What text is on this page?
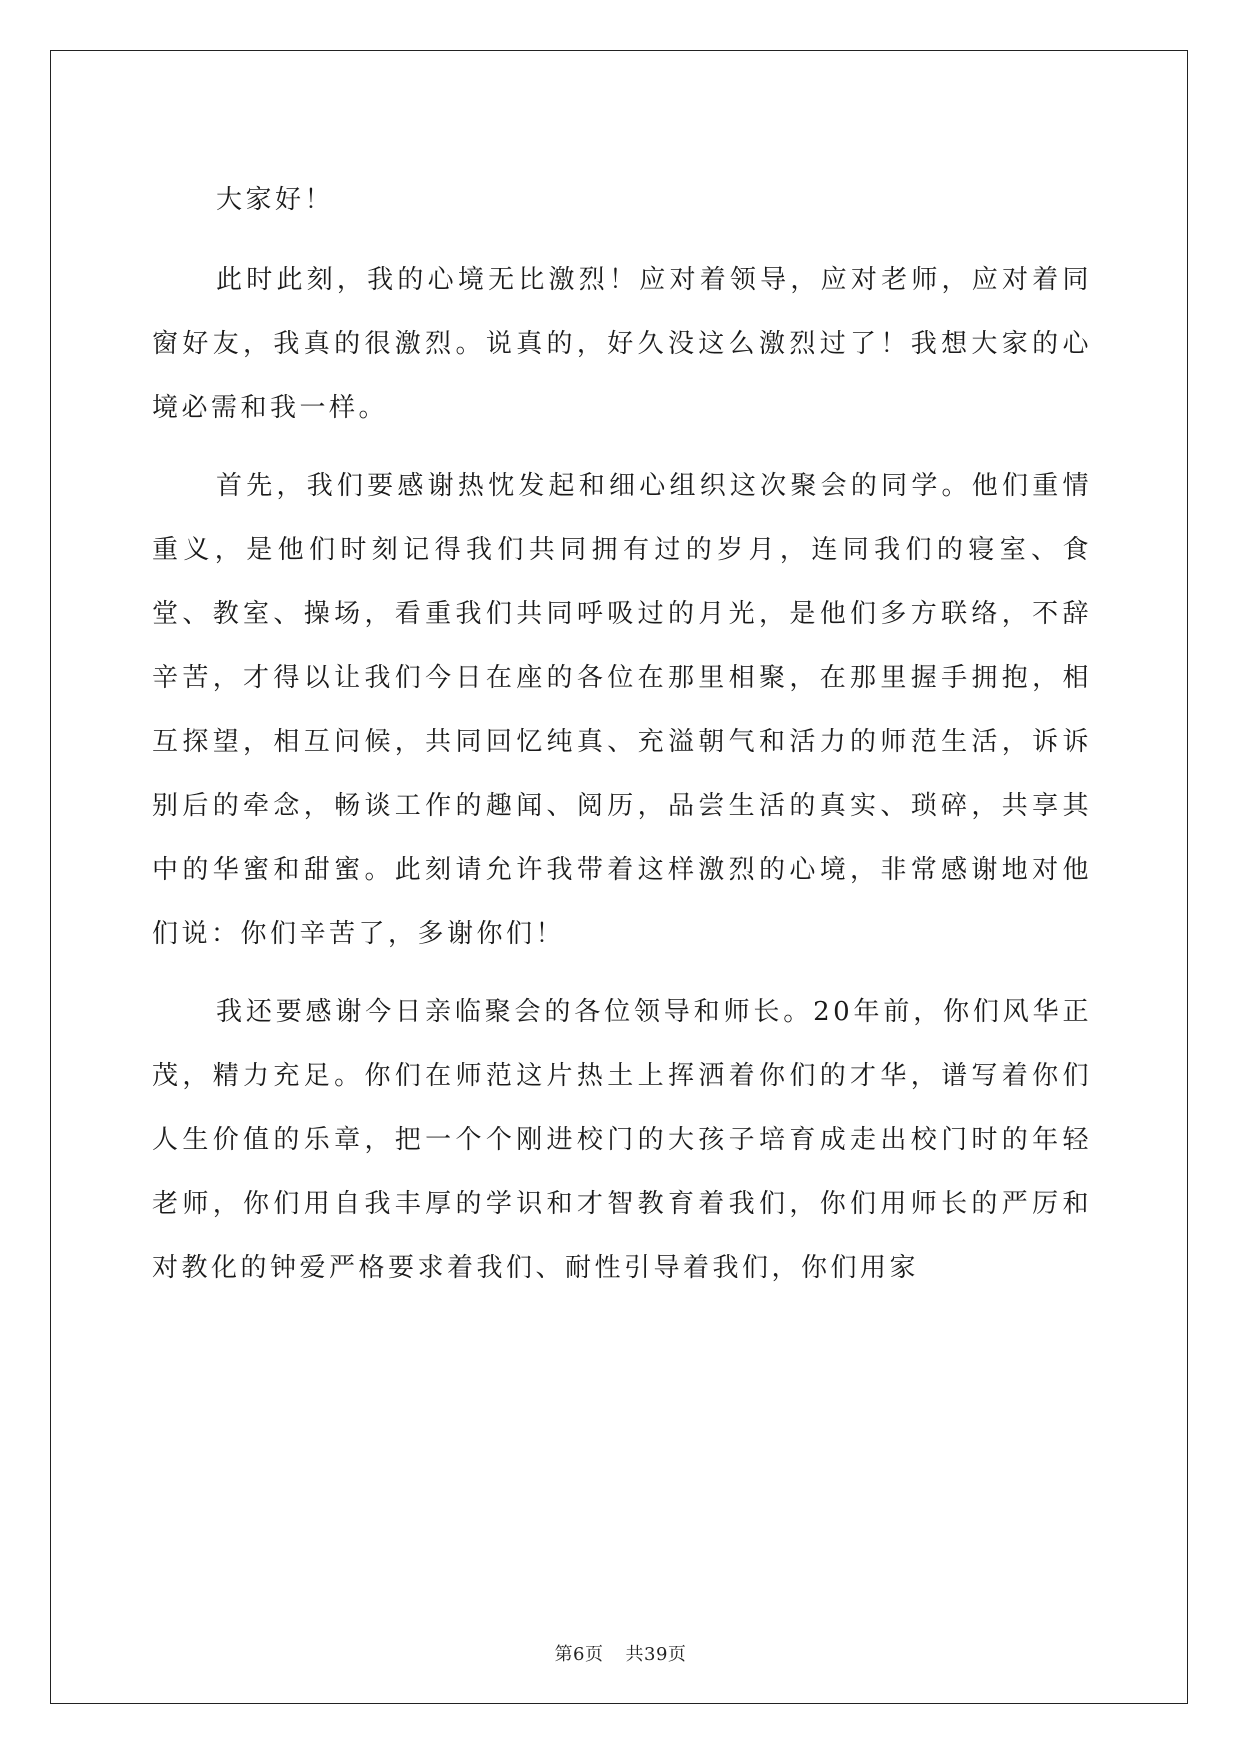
大家好！

此时此刻，我的心境无比激烈！应对着领导，应对老师，应对着同窗好友，我真的很激烈。说真的，好久没这么激烈过了！我想大家的心境必需和我一样。

首先，我们要感谢热忱发起和细心组织这次聚会的同学。他们重情重义，是他们时刻记得我们共同拥有过的岁月，连同我们的寝室、食堂、教室、操场，看重我们共同呼吸过的月光，是他们多方联络，不辞辛苦，才得以让我们今日在座的各位在那里相聚，在那里握手拥抱，相互探望，相互问候，共同回忆纯真、充溢朝气和活力的师范生活，诉诉别后的牵念，畅谈工作的趣闻、阅历，品尝生活的真实、琐碎，共享其中的华蜜和甜蜜。此刻请允许我带着这样激烈的心境，非常感谢地对他们说：你们辛苦了，多谢你们！

我还要感谢今日亲临聚会的各位领导和师长。20年前，你们风华正茂，精力充足。你们在师范这片热土上挥洒着你们的才华，谱写着你们人生价值的乐章，把一个个刚进校门的大孩子培育成走出校门时的年轻老师，你们用自我丰厚的学识和才智教育着我们，你们用师长的严厉和对教化的钟爱严格要求着我们、耐性引导着我们，你们用家

第6页 共39页
